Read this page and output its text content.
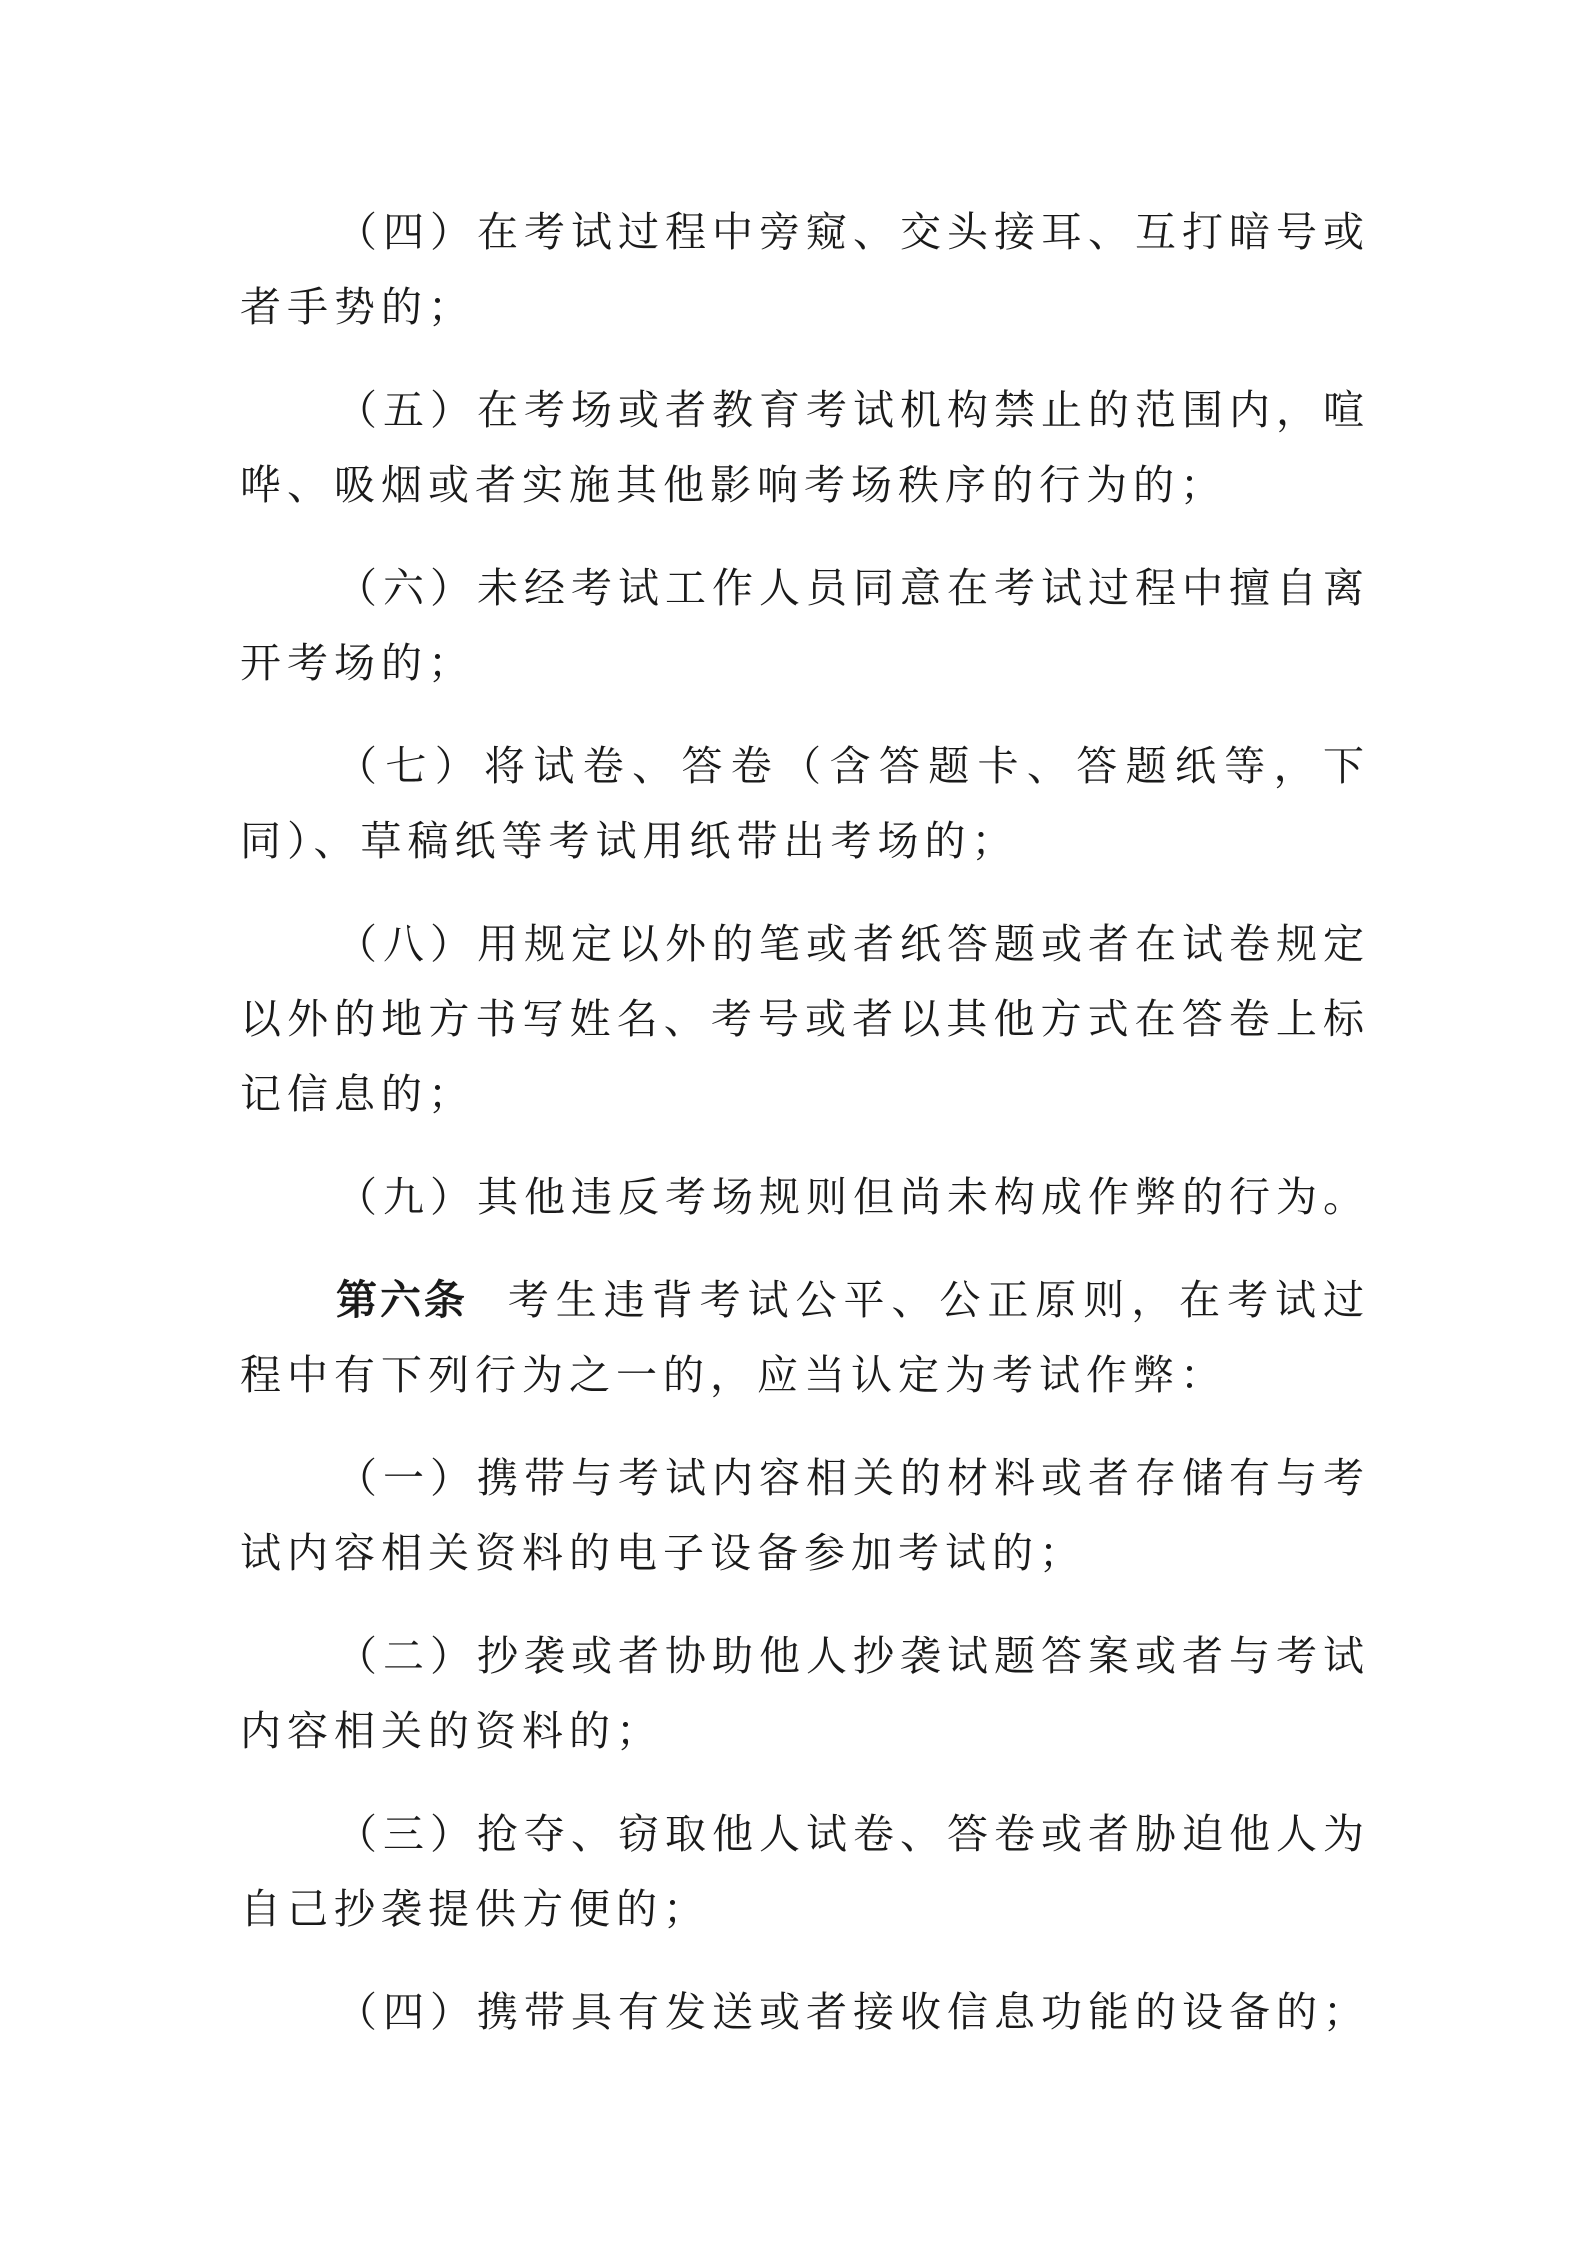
（四）在考试过程中旁窥、交头接耳、互打暗号或者手势的；

（五）在考场或者教育考试机构禁止的范围内，喧哗、吸烟或者实施其他影响考场秩序的行为的；

（六）未经考试工作人员同意在考试过程中擅自离开考场的；

（七）将试卷、答卷（含答题卡、答题纸等，下同）、草稿纸等考试用纸带出考场的；

（八）用规定以外的笔或者纸答题或者在试卷规定以外的地方书写姓名、考号或者以其他方式在答卷上标记信息的；

（九）其他违反考场规则但尚未构成作弊的行为。

第六条 考生违背考试公平、公正原则，在考试过程中有下列行为之一的，应当认定为考试作弊：

（一）携带与考试内容相关的材料或者存储有与考试内容相关资料的电子设备参加考试的；

（二）抄袭或者协助他人抄袭试题答案或者与考试内容相关的资料的；

（三）抢夺、窃取他人试卷、答卷或者胁迫他人为自己抄袭提供方便的；

（四）携带具有发送或者接收信息功能的设备的；
